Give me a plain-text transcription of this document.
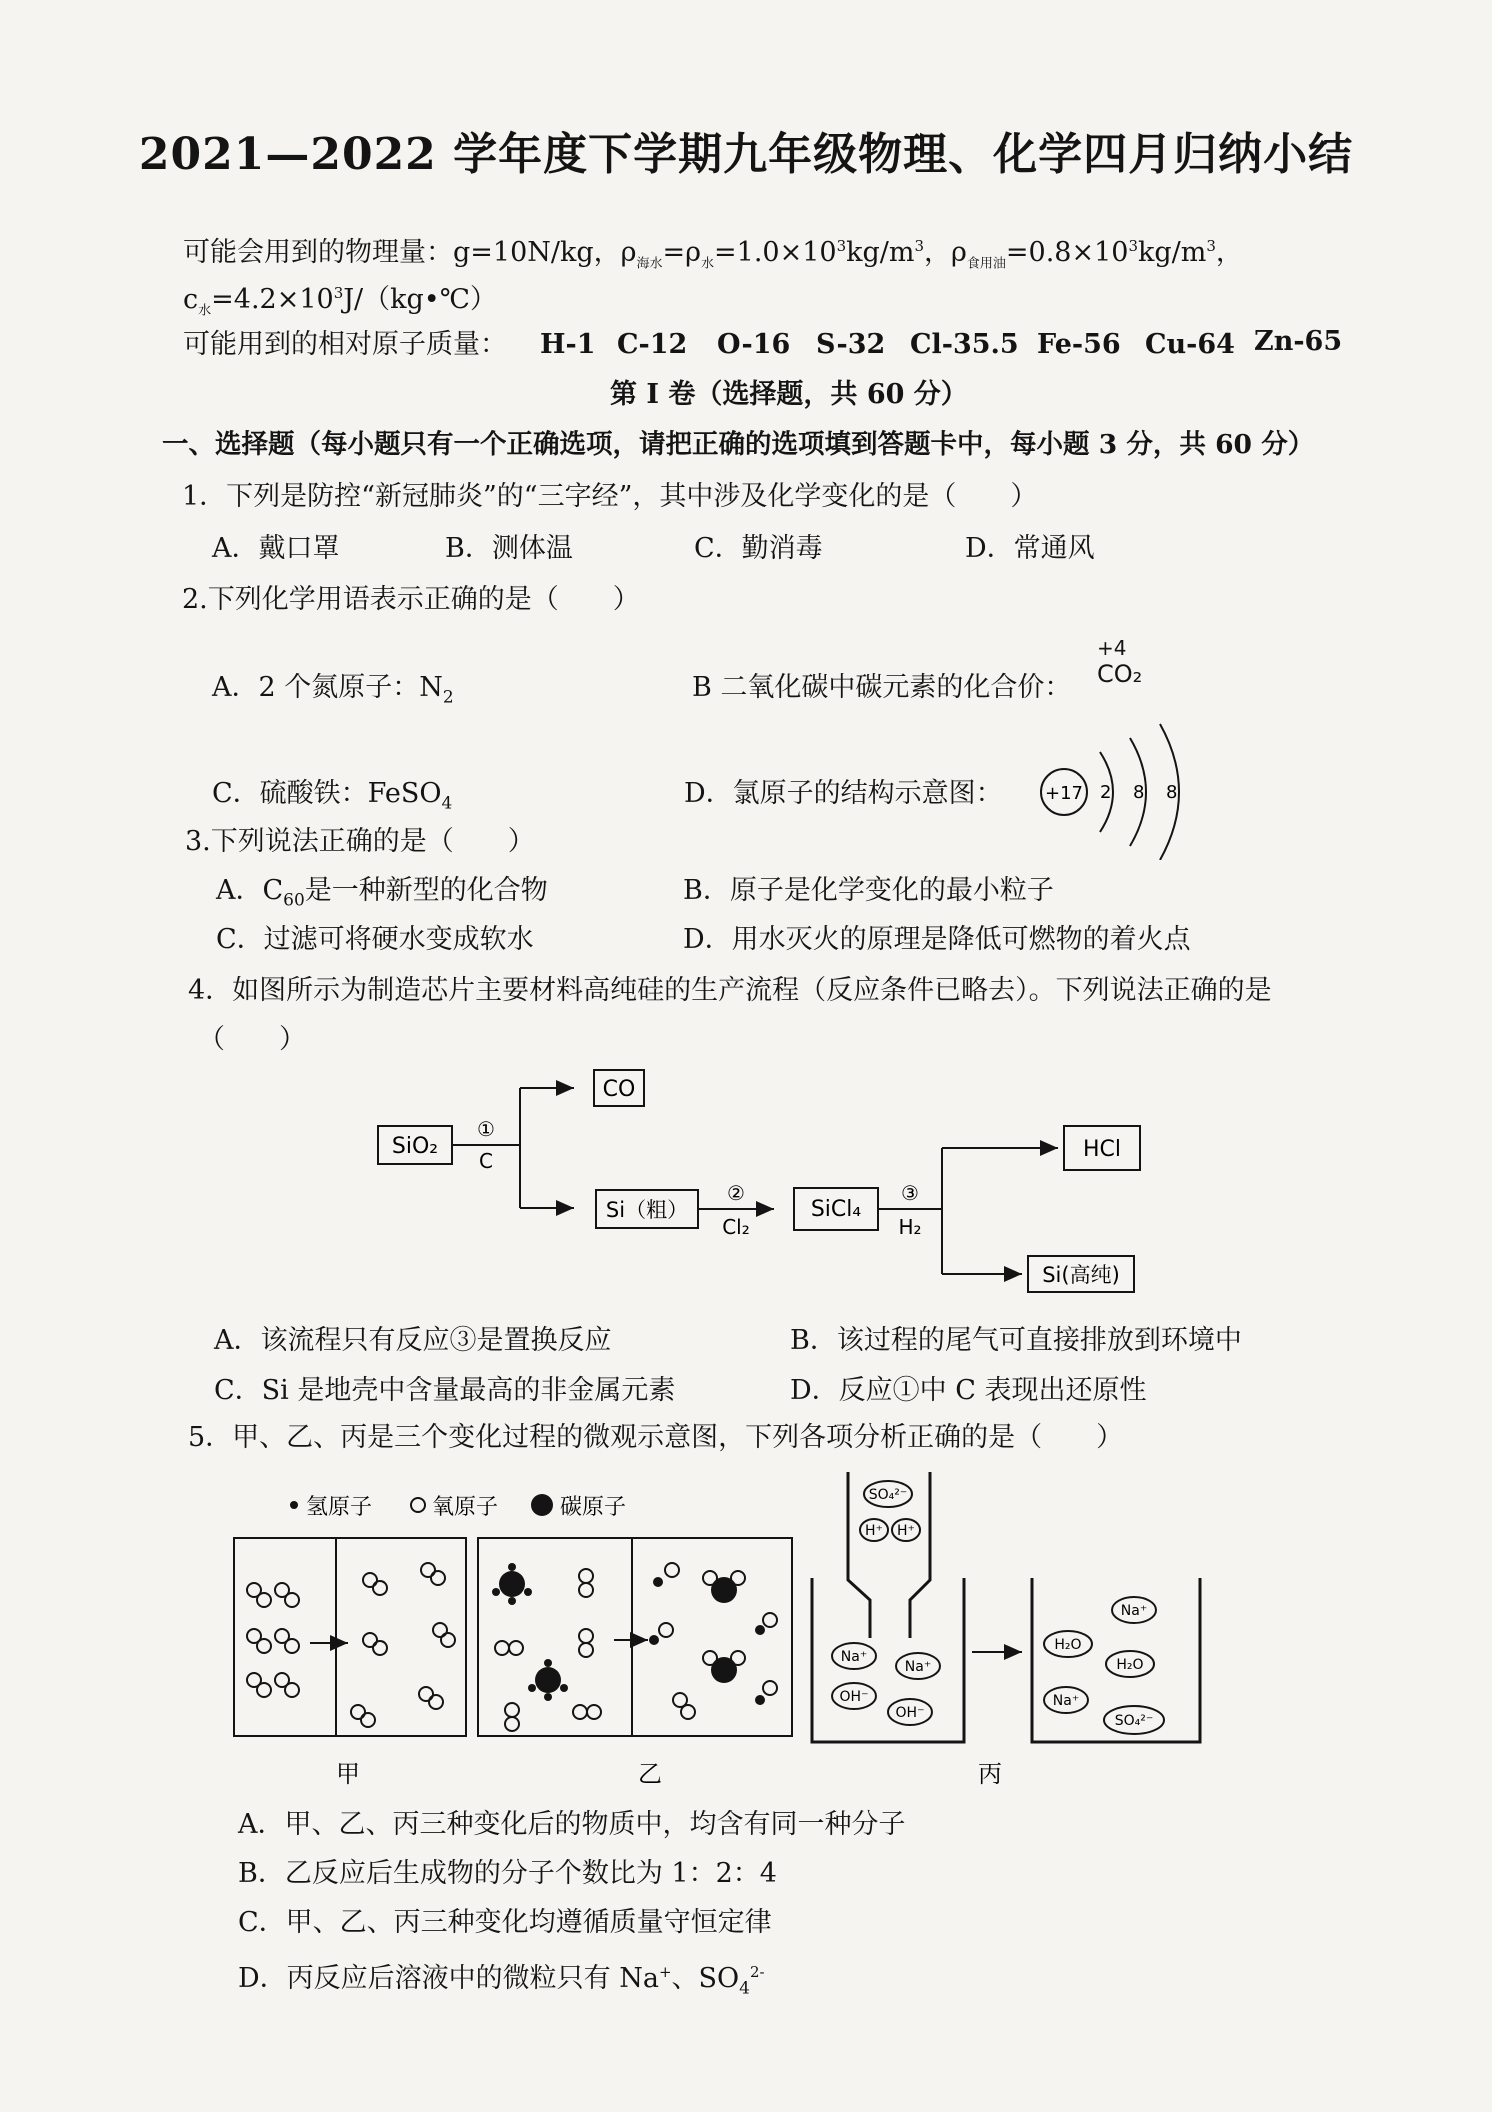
2021—2022 学年度下学期九年级物理、化学四月归纳小结
可能会用到的物理量：g=10N/kg，$\rho_{海水}=\rho_水=1.0\times 10^3kg/m^3$，$\rho_{食用油}=0.8\times 10^3kg/m^3$，
$c_水=4.2\times 10^3J/(kg•℃)$
可能用到的相对原子质量： H-1 C-12 O-16 S-32 Cl-35.5 Fe-56 Cu-64 Zn-65
第 I 卷（选择题，共 60 分）
一、选择题（每小题只有一个正确选项，请把正确的选项填到答题卡中，每小题 3 分，共 60 分）
1．下列是防控“新冠肺炎”的“三字经”，其中涉及化学变化的是（　　）
A．戴口罩	B．测体温	C．勤消毒	D．常通风
2.下列化学用语表示正确的是（　　）
A．2 个氮原子：$N_2$	B 二氧化碳中碳元素的化合价：
+4
CO₂
C．硫酸铁：FeSO$_4$	D．氯原子的结构示意图： +17 2 8 8
3.下列说法正确的是（　　）
A．$C_{60}$是一种新型的化合物	B．原子是化学变化的最小粒子
C．过滤可将硬水变成软水	D．用水灭火的原理是降低可燃物的着火点
4．如图所示为制造芯片主要材料高纯硅的生产流程（反应条件已略去）。下列说法正确的是
（　　）
SiO₂
①
C
CO
Si（粗）
②
Cl₂
SiCl₄
③
H₂
HCl
Si(高纯)
A．该流程只有反应③是置换反应	B．该过程的尾气可直接排放到环境中
C．Si 是地壳中含量最高的非金属元素	D．反应①中 C 表现出还原性
5．甲、乙、丙是三个变化过程的微观示意图，下列各项分析正确的是（　　）
氢原子	氧原子	碳原子
甲	乙
SO₄²⁻
H⁺ H⁺
Na⁺
Na⁺
OH⁻
OH⁻
Na⁺
H₂O
H₂O
Na⁺
SO₄²⁻
丙
A．甲、乙、丙三种变化后的物质中，均含有同一种分子
B．乙反应后生成物的分子个数比为 1：2：4
C．甲、乙、丙三种变化均遵循质量守恒定律
D．丙反应后溶液中的微粒只有 Na+、$SO_4^{2-}$
